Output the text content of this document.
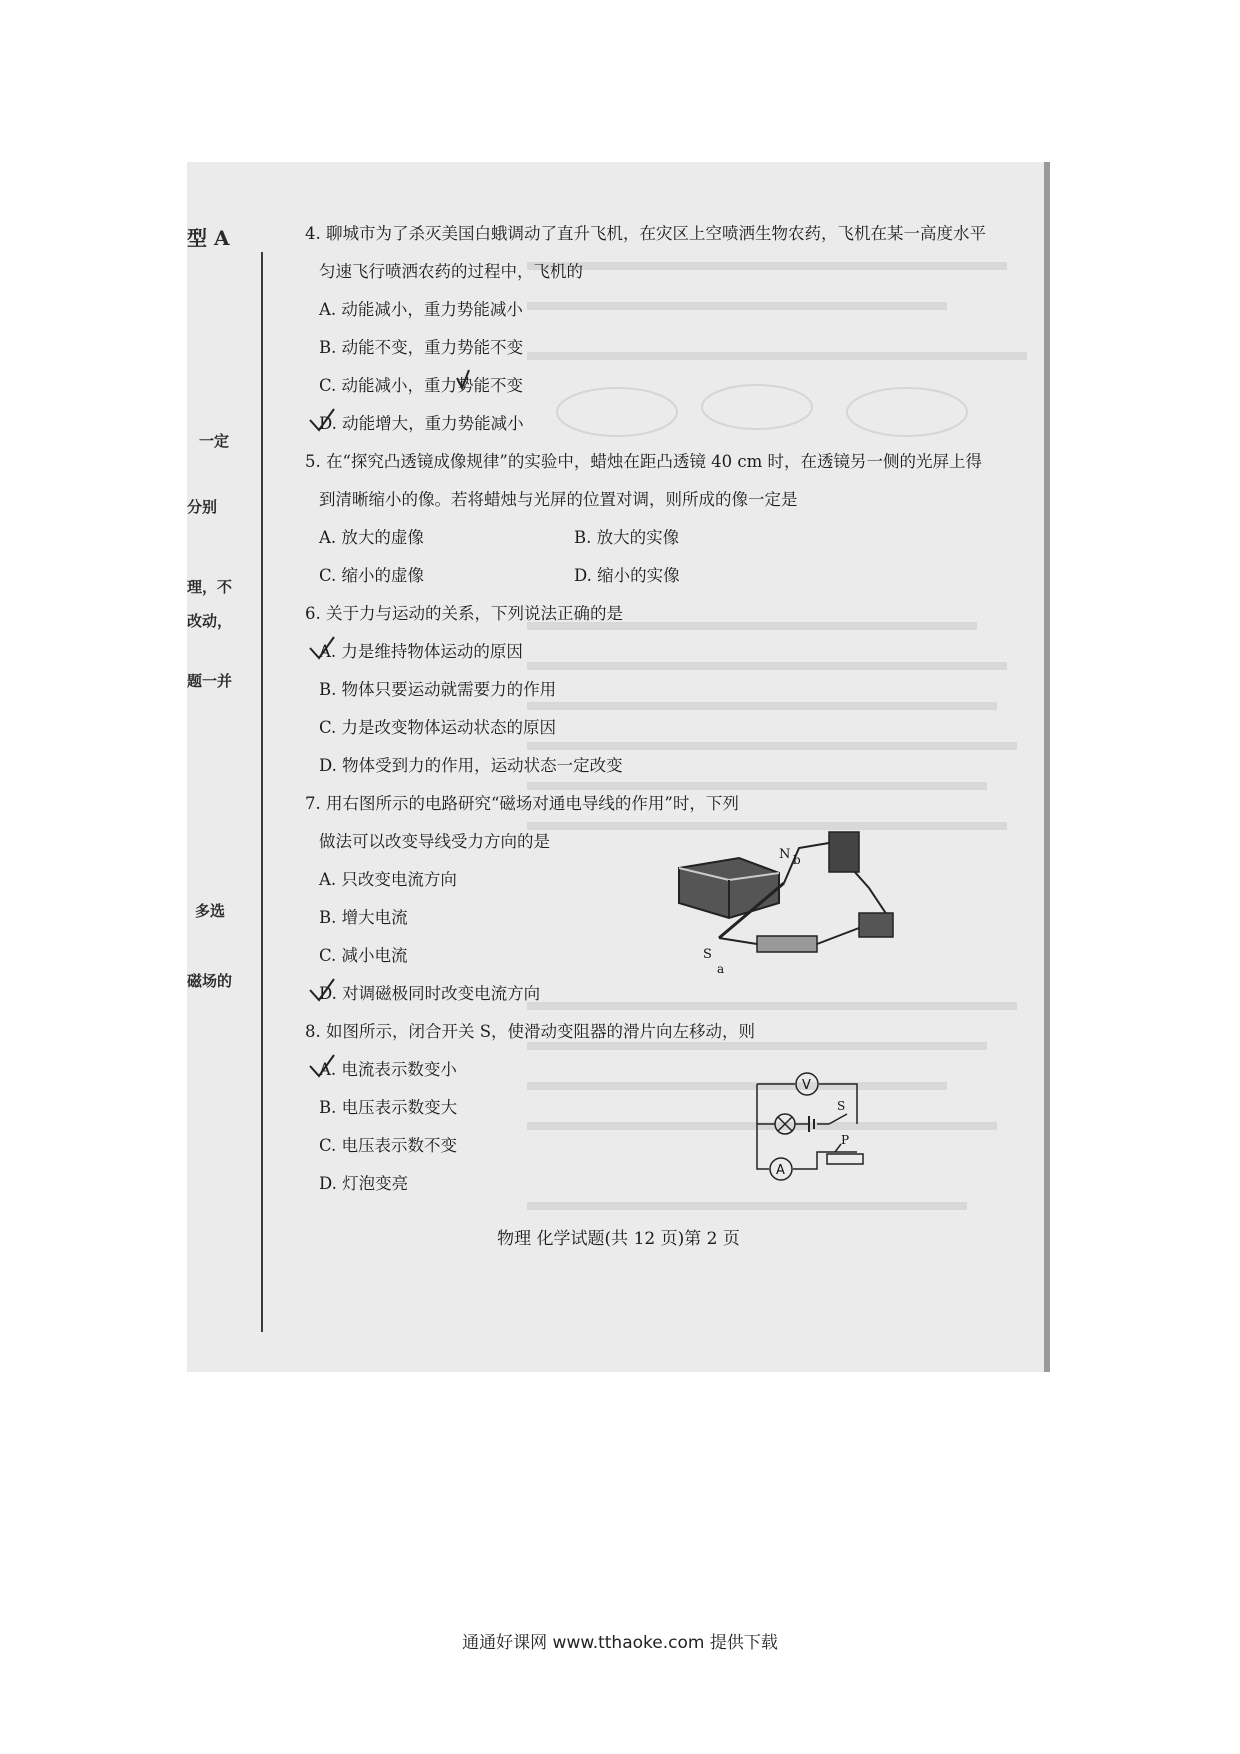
型 A
一定
分别
理，不
改动，
题一并
多选
磁场的
4. 聊城市为了杀灭美国白蛾调动了直升飞机，在灾区上空喷洒生物农药，飞机在某一高度水平
匀速飞行喷洒农药的过程中，飞机的
A. 动能减小，重力势能减小
B. 动能不变，重力势能不变
C. 动能减小，重力势能不变
D. 动能增大，重力势能减小
5. 在“探究凸透镜成像规律”的实验中，蜡烛在距凸透镜 40 cm 时，在透镜另一侧的光屏上得
到清晰缩小的像。若将蜡烛与光屏的位置对调，则所成的像一定是
A. 放大的虚像	B. 放大的实像
C. 缩小的虚像	D. 缩小的实像
6. 关于力与运动的关系，下列说法正确的是
A. 力是维持物体运动的原因
B. 物体只要运动就需要力的作用
C. 力是改变物体运动状态的原因
D. 物体受到力的作用，运动状态一定改变
7. 用右图所示的电路研究“磁场对通电导线的作用”时，下列
做法可以改变导线受力方向的是
A. 只改变电流方向
B. 增大电流
C. 减小电流
D. 对调磁极同时改变电流方向
8. 如图所示，闭合开关 S，使滑动变阻器的滑片向左移动，则
A. 电流表示数变小
B. 电压表示数变大
C. 电压表示数不变
D. 灯泡变亮
N
S
a
b
V
A
S
P
物理 化学试题(共 12 页)第 2 页
通通好课网 www.tthaoke.com 提供下载
